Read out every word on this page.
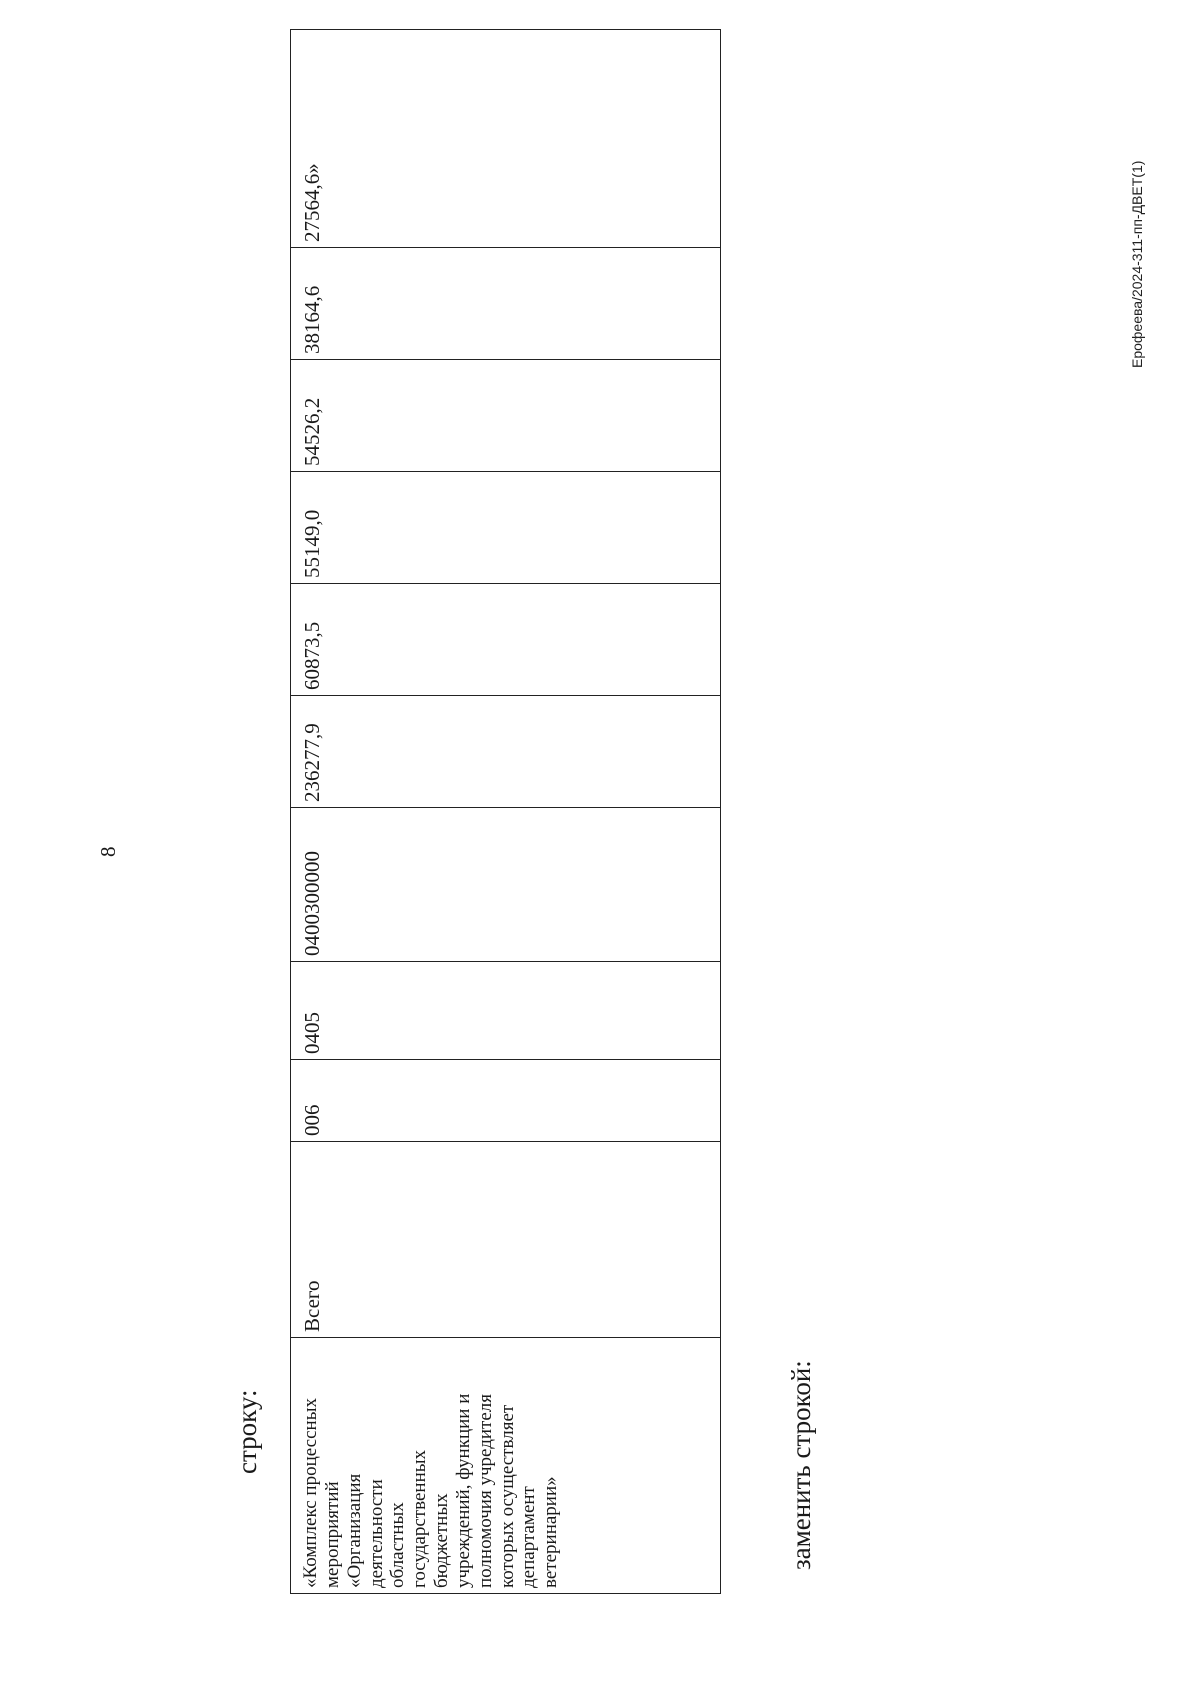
8
строку:
«Комплекс процессных
мероприятий
«Организация
деятельности
областных
государственных
бюджетных
учреждений, функции и
полномочия учредителя
которых осуществляет
департамент
ветеринарии»	Всего	006	0405	0400300000	236277,9	60873,5	55149,0	54526,2	38164,6	27564,6»
заменить строкой:
Ерофеева/2024-311-пп-ДВЕТ(1)
